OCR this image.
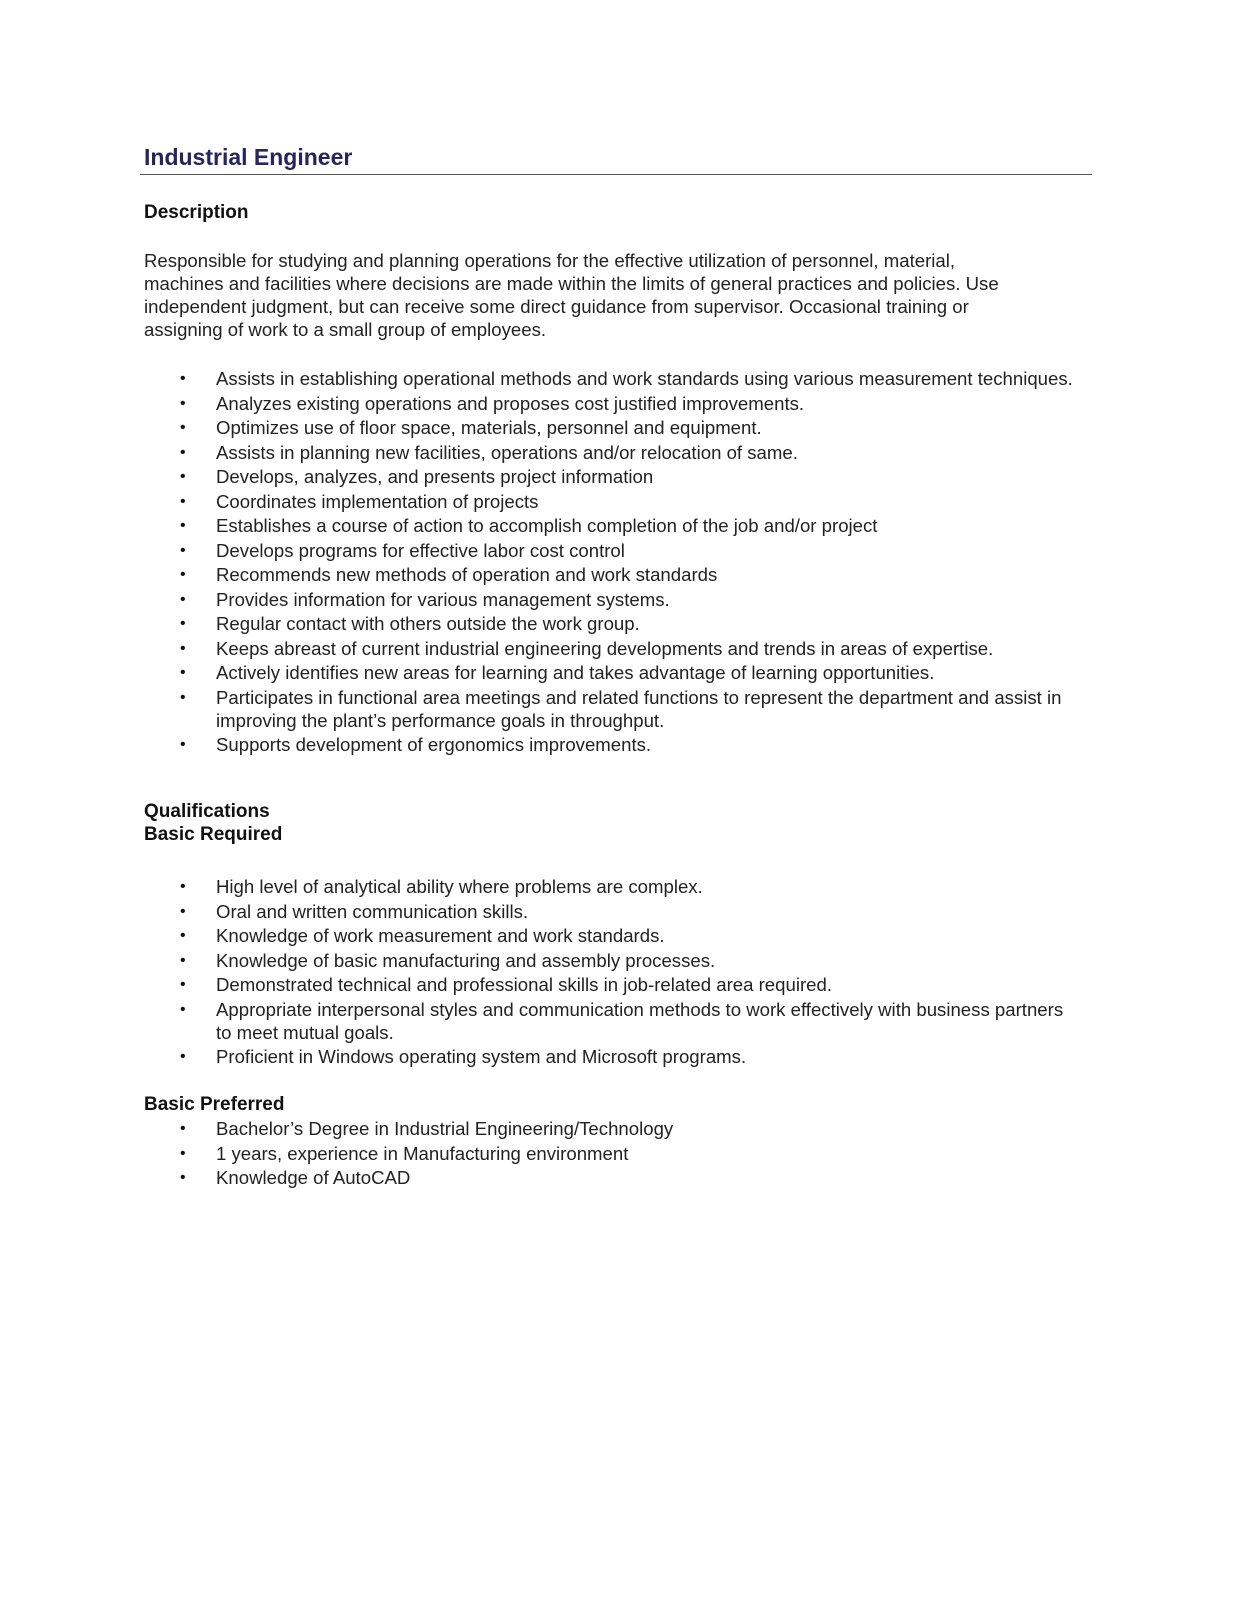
Industrial Engineer
Description
Responsible for studying and planning operations for the effective utilization of personnel, material,
machines and facilities where decisions are made within the limits of general practices and policies. Use
independent judgment, but can receive some direct guidance from supervisor. Occasional training or
assigning of work to a small group of employees.
• Assists in establishing operational methods and work standards using various measurement techniques.
• Analyzes existing operations and proposes cost justified improvements.
• Optimizes use of floor space, materials, personnel and equipment.
• Assists in planning new facilities, operations and/or relocation of same.
• Develops, analyzes, and presents project information
• Coordinates implementation of projects
• Establishes a course of action to accomplish completion of the job and/or project
• Develops programs for effective labor cost control
• Recommends new methods of operation and work standards
• Provides information for various management systems.
• Regular contact with others outside the work group.
• Keeps abreast of current industrial engineering developments and trends in areas of expertise.
• Actively identifies new areas for learning and takes advantage of learning opportunities.
• Participates in functional area meetings and related functions to represent the department and assist in improving the plant’s performance goals in throughput.
• Supports development of ergonomics improvements.
Qualifications
Basic Required
• High level of analytical ability where problems are complex.
• Oral and written communication skills.
• Knowledge of work measurement and work standards.
• Knowledge of basic manufacturing and assembly processes.
• Demonstrated technical and professional skills in job-related area required.
• Appropriate interpersonal styles and communication methods to work effectively with business partners to meet mutual goals.
• Proficient in Windows operating system and Microsoft programs.
Basic Preferred
• Bachelor’s Degree in Industrial Engineering/Technology
• 1 years, experience in Manufacturing environment
• Knowledge of AutoCAD
